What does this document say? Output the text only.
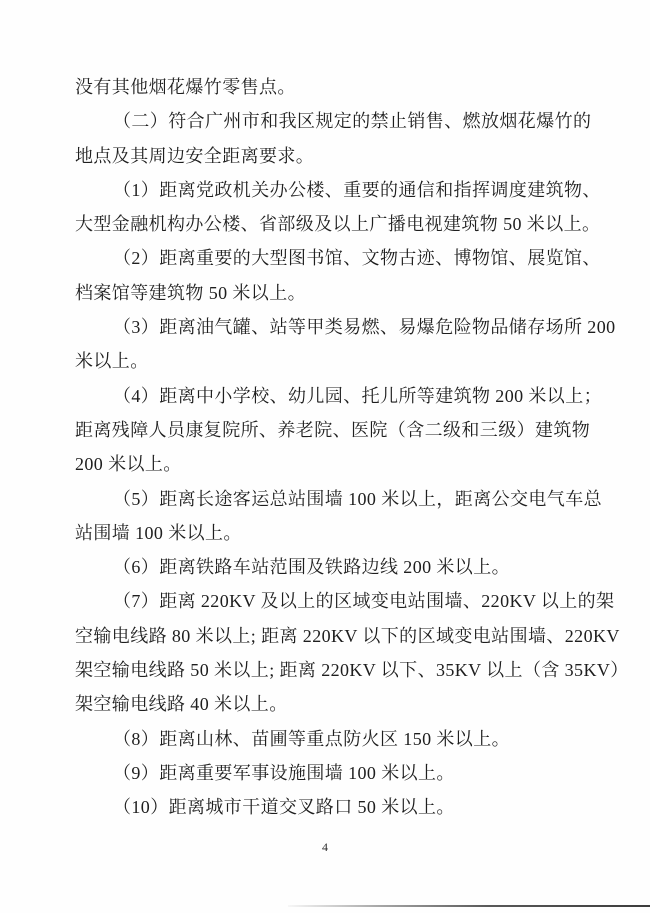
没有其他烟花爆竹零售点。
（二）符合广州市和我区规定的禁止销售、燃放烟花爆竹的
地点及其周边安全距离要求。
（1）距离党政机关办公楼、重要的通信和指挥调度建筑物、
大型金融机构办公楼、省部级及以上广播电视建筑物 50 米以上。
（2）距离重要的大型图书馆、文物古迹、博物馆、展览馆、
档案馆等建筑物 50 米以上。
（3）距离油气罐、站等甲类易燃、易爆危险物品储存场所 200
米以上。
（4）距离中小学校、幼儿园、托儿所等建筑物 200 米以上；
距离残障人员康复院所、养老院、医院（含二级和三级）建筑物
200 米以上。
（5）距离长途客运总站围墙 100 米以上，距离公交电气车总
站围墙 100 米以上。
（6）距离铁路车站范围及铁路边线 200 米以上。
（7）距离 220KV 及以上的区域变电站围墙、220KV 以上的架
空输电线路 80 米以上; 距离 220KV 以下的区域变电站围墙、220KV
架空输电线路 50 米以上; 距离 220KV 以下、35KV 以上（含 35KV）
架空输电线路 40 米以上。
（8）距离山林、苗圃等重点防火区 150 米以上。
（9）距离重要军事设施围墙 100 米以上。
（10）距离城市干道交叉路口 50 米以上。
4
